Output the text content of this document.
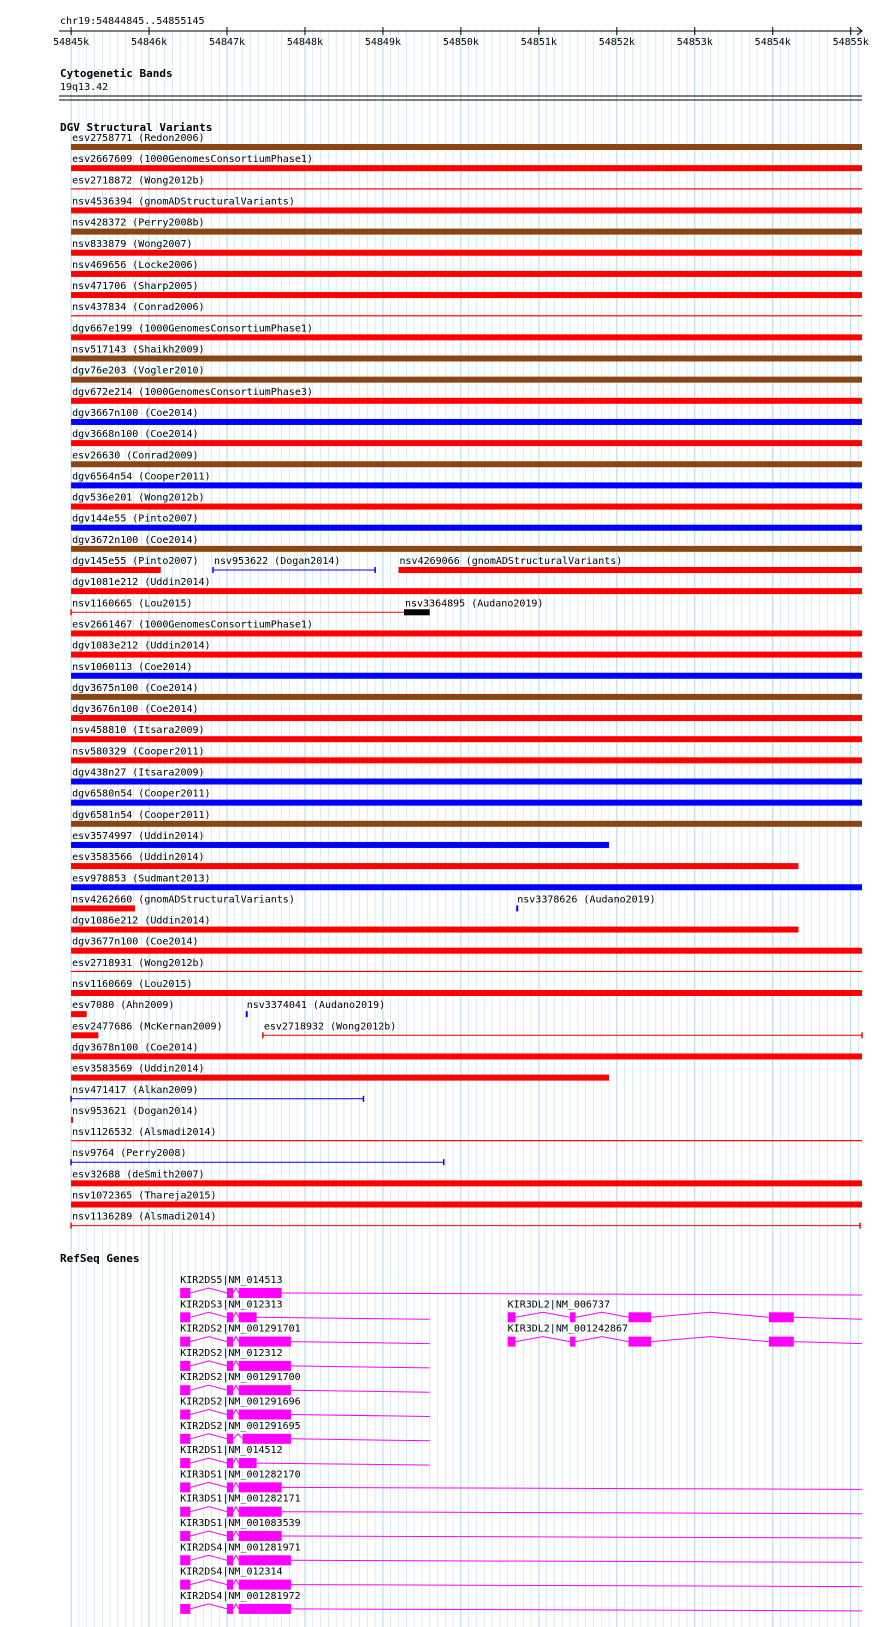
chr19:54844845..54855145
54845k	54846k	54847k	54848k	54849k	54850k	54851k	54852k	54853k	54854k	54855k
Cytogenetic Bands
19q13.42
DGV Structural Variants
esv2758771 (Redon2006)
esv2667609 (1000GenomesConsortiumPhase1)
esv2718872 (Wong2012b)
nsv4536394 (gnomADStructuralVariants)
nsv428372 (Perry2008b)
nsv833879 (Wong2007)
nsv469656 (Locke2006)
nsv471706 (Sharp2005)
nsv437834 (Conrad2006)
dgv667e199 (1000GenomesConsortiumPhase1)
nsv517143 (Shaikh2009)
dgv76e203 (Vogler2010)
dgv672e214 (1000GenomesConsortiumPhase3)
dgv3667n100 (Coe2014)
dgv3668n100 (Coe2014)
esv26630 (Conrad2009)
dgv6564n54 (Cooper2011)
dgv536e201 (Wong2012b)
dgv144e55 (Pinto2007)
dgv3672n100 (Coe2014)
dgv145e55 (Pinto2007) nsv953622 (Dogan2014)	nsv4269066 (gnomADStructuralVariants)
dgv1081e212 (Uddin2014)
nsv1160665 (Lou2015)	nsv3364895 (Audano2019)
esv2661467 (1000GenomesConsortiumPhase1)
dgv1083e212 (Uddin2014)
nsv1060113 (Coe2014)
dgv3675n100 (Coe2014)
dgv3676n100 (Coe2014)
nsv458810 (Itsara2009)
nsv580329 (Cooper2011)
dgv438n27 (Itsara2009)
dgv6580n54 (Cooper2011)
dgv6581n54 (Cooper2011)
esv3574997 (Uddin2014)
esv3583566 (Uddin2014)
esv978853 (Sudmant2013)
nsv4262660 (gnomADStructuralVariants)	nsv3378626 (Audano2019)
dgv1086e212 (Uddin2014)
dgv3677n100 (Coe2014)
esv2718931 (Wong2012b)
nsv1160669 (Lou2015)
esv7080 (Ahn2009)	nsv3374041 (Audano2019)
esv2477686 (McKernan2009)	esv2718932 (Wong2012b)
dgv3678n100 (Coe2014)
esv3583569 (Uddin2014)
nsv471417 (Alkan2009)
nsv953621 (Dogan2014)
nsv1126532 (Alsmadi2014)
nsv9764 (Perry2008)
esv32688 (deSmith2007)
nsv1072365 (Thareja2015)
nsv1136289 (Alsmadi2014)
RefSeq Genes
KIR2DS5|NM_014513
KIR2DS3|NM_012313	KIR3DL2|NM_006737
KIR2DS2|NM_001291701	KIR3DL2|NM_001242867
KIR2DS2|NM_012312
KIR2DS2|NM_001291700
KIR2DS2|NM_001291696
KIR2DS2|NM_001291695
KIR2DS1|NM_014512
KIR3DS1|NM_001282170
KIR3DS1|NM_001282171
KIR3DS1|NM_001083539
KIR2DS4|NM_001281971
KIR2DS4|NM_012314
KIR2DS4|NM_001281972
